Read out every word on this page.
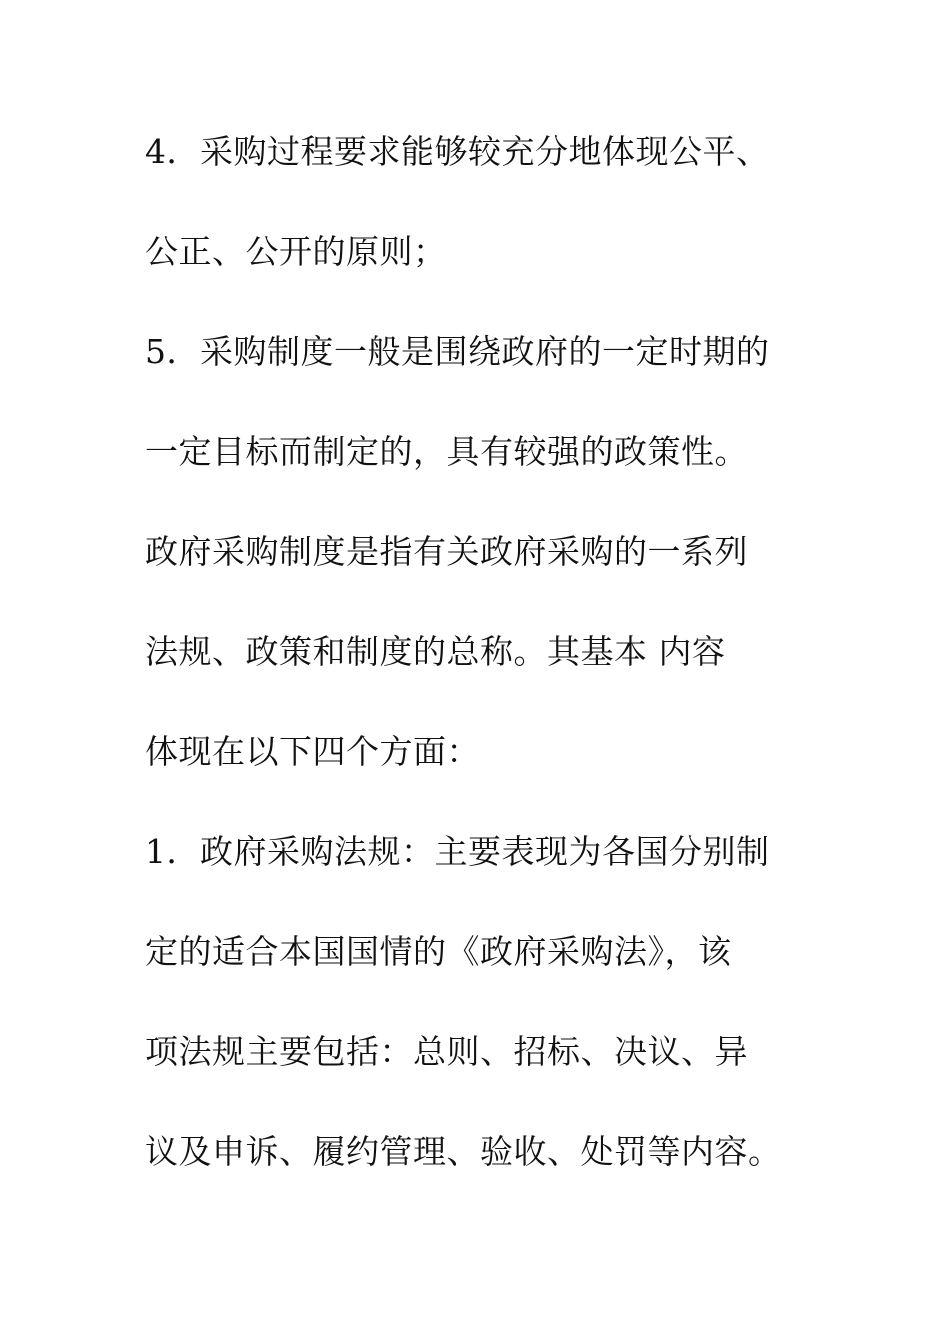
4．采购过程要求能够较充分地体现公平、
公正、公开的原则；
5．采购制度一般是围绕政府的一定时期的
一定目标而制定的，具有较强的政策性。
政府采购制度是指有关政府采购的一系列
法规、政策和制度的总称。其基本 内容
体现在以下四个方面：
1．政府采购法规：主要表现为各国分别制
定的适合本国国情的《政府采购法》，该
项法规主要包括：总则、招标、决议、异
议及申诉、履约管理、验收、处罚等内容。
